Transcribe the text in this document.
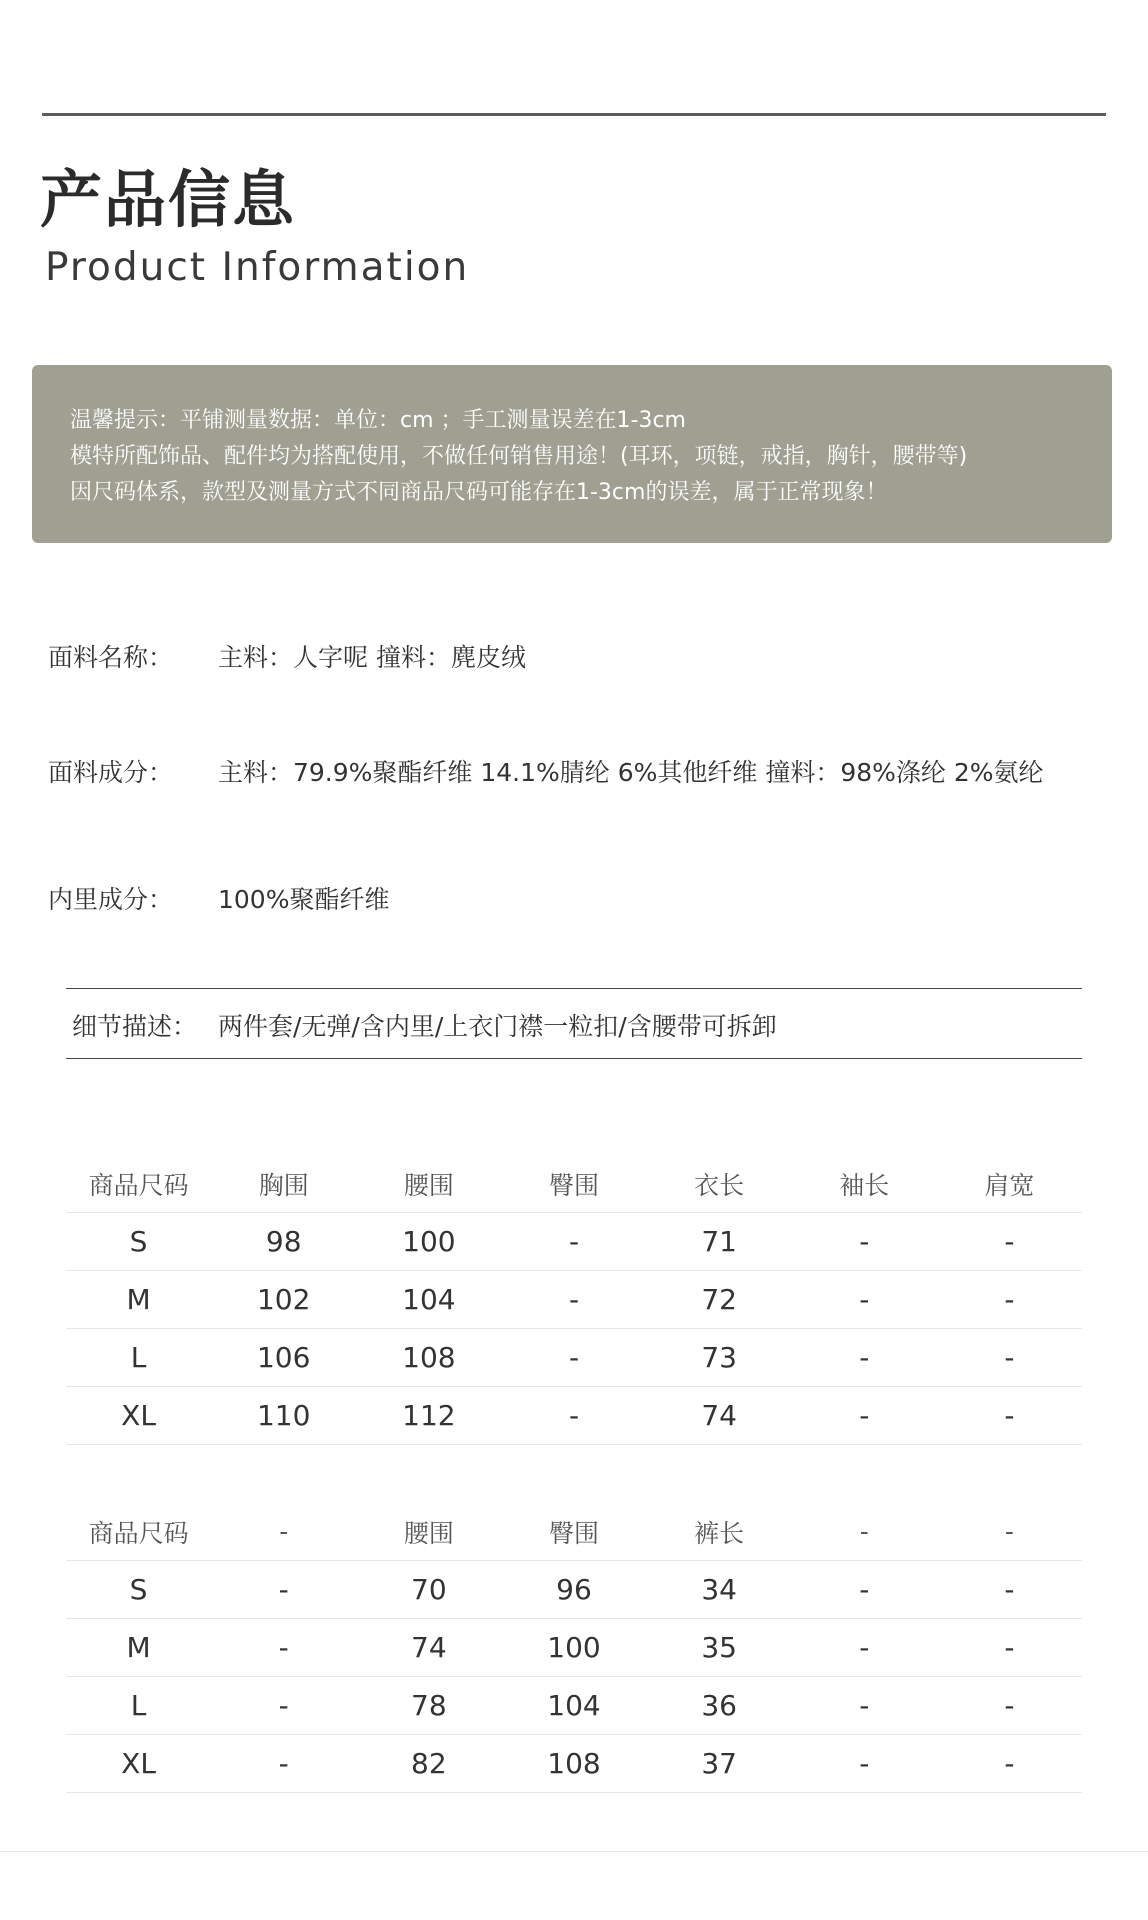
产品信息
Product Information
温馨提示：平铺测量数据：单位：cm ；手工测量误差在1-3cm
模特所配饰品、配件均为搭配使用，不做任何销售用途！(耳环，项链，戒指，胸针，腰带等)
因尺码体系，款型及测量方式不同商品尺码可能存在1-3cm的误差，属于正常现象！
面料名称： 主料：人字呢 撞料：麂皮绒
面料成分： 主料：79.9%聚酯纤维 14.1%腈纶 6%其他纤维 撞料：98%涤纶 2%氨纶
内里成分： 100%聚酯纤维
细节描述： 两件套/无弹/含内里/上衣门襟一粒扣/含腰带可拆卸
商品尺码	胸围	腰围	臀围	衣长	袖长	肩宽
S	98	100	-	71	-	-
M	102	104	-	72	-	-
L	106	108	-	73	-	-
XL	110	112	-	74	-	-
商品尺码	-	腰围	臀围	裤长	-	-
S	-	70	96	34	-	-
M	-	74	100	35	-	-
L	-	78	104	36	-	-
XL	-	82	108	37	-	-
